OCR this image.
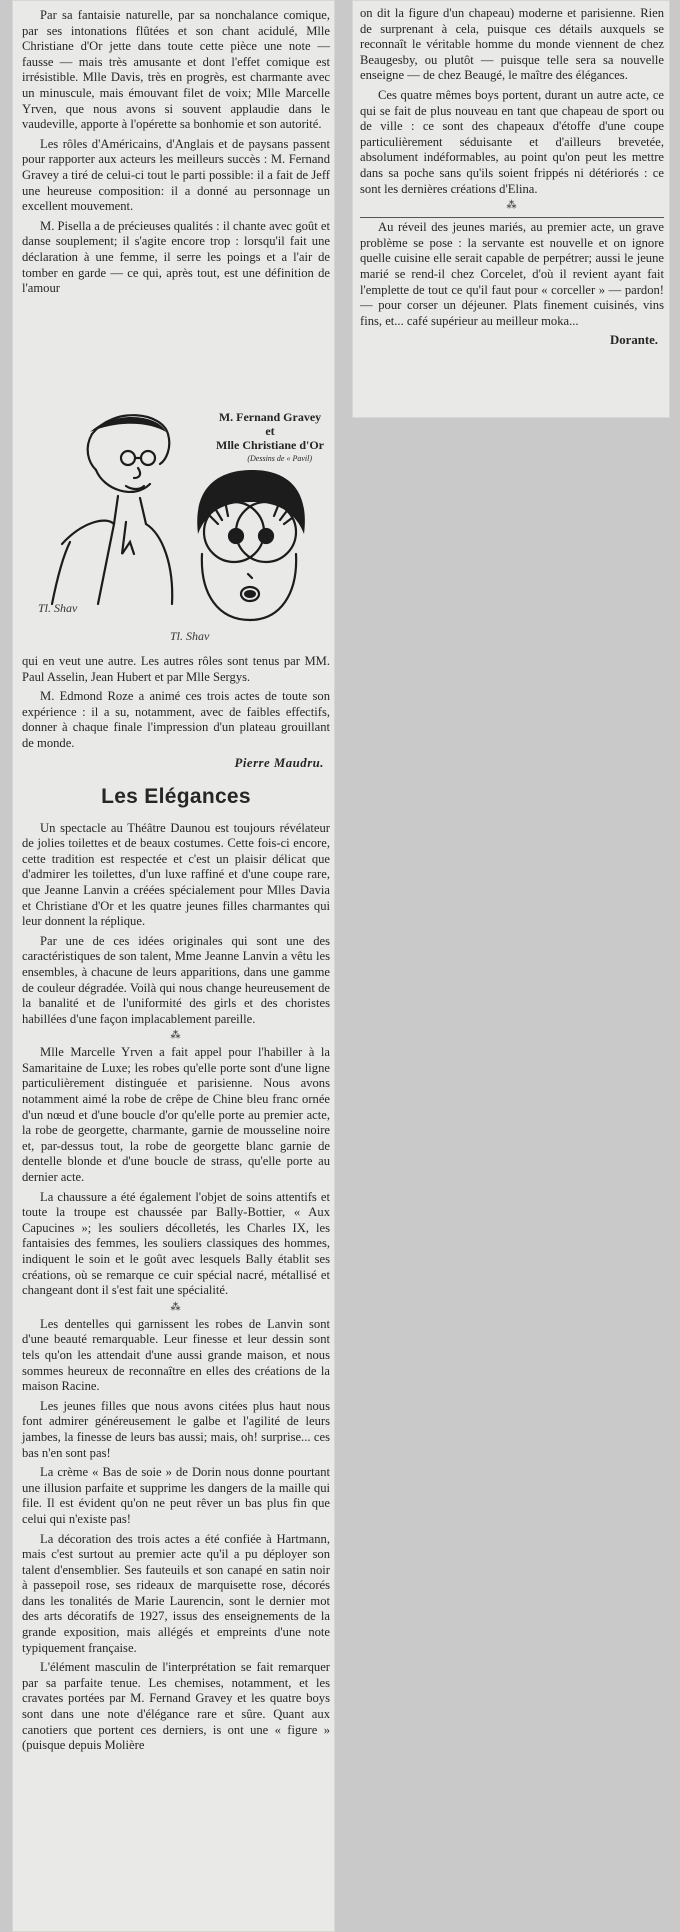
Par sa fantaisie naturelle, par sa nonchalance comique, par ses intonations flûtées et son chant acidulé, Mlle Christiane d'Or jette dans toute cette pièce une note — fausse — mais très amusante et dont l'effet comique est irrésistible. Mlle Davis, très en progrès, est charmante avec un minuscule, mais émouvant filet de voix; Mlle Marcelle Yrven, que nous avons si souvent applaudie dans le vaudeville, apporte à l'opérette sa bonhomie et son autorité.

Les rôles d'Américains, d'Anglais et de paysans passent pour rapporter aux acteurs les meilleurs succès : M. Fernand Gravey a tiré de celui-ci tout le parti possible: il a fait de Jeff une heureuse composition: il a donné au personnage un excellent mouvement.

M. Pisella a de précieuses qualités : il chante avec goût et danse souplement; il s'agite encore trop : lorsqu'il fait une déclaration à une femme, il serre les poings et a l'air de tomber en garde — ce qui, après tout, est une définition de l'amour

Tl. Shav
Tl. Shav
M. Fernand Gravey
et
Mlle Christiane d'Or
(Dessins de « Pavil)

qui en veut une autre. Les autres rôles sont tenus par MM. Paul Asselin, Jean Hubert et par Mlle Sergys.

M. Edmond Roze a animé ces trois actes de toute son expérience : il a su, notamment, avec de faibles effectifs, donner à chaque finale l'impression d'un plateau grouillant de monde.

Pierre Maudru.
Les Elégances

Un spectacle au Théâtre Daunou est toujours révélateur de jolies toilettes et de beaux costumes. Cette fois-ci encore, cette tradition est respectée et c'est un plaisir délicat que d'admirer les toilettes, d'un luxe raffiné et d'une coupe rare, que Jeanne Lanvin a créées spécialement pour Mlles Davia et Christiane d'Or et les quatre jeunes filles charmantes qui leur donnent la réplique.

Par une de ces idées originales qui sont une des caractéristiques de son talent, Mme Jeanne Lanvin a vêtu les ensembles, à chacune de leurs apparitions, dans une gamme de couleur dégradée. Voilà qui nous change heureusement de la banalité et de l'uniformité des girls et des choristes habillées d'une façon implacablement pareille.

⁂

Mlle Marcelle Yrven a fait appel pour l'habiller à la Samaritaine de Luxe; les robes qu'elle porte sont d'une ligne particulièrement distinguée et parisienne. Nous avons notamment aimé la robe de crêpe de Chine bleu franc ornée d'un nœud et d'une boucle d'or qu'elle porte au premier acte, la robe de georgette, charmante, garnie de mousseline noire et, par-dessus tout, la robe de georgette blanc garnie de dentelle blonde et d'une boucle de strass, qu'elle porte au dernier acte.

La chaussure a été également l'objet de soins attentifs et toute la troupe est chaussée par Bally-Bottier, « Aux Capucines »; les souliers décolletés, les Charles IX, les fantaisies des femmes, les souliers classiques des hommes, indiquent le soin et le goût avec lesquels Bally établit ses créations, où se remarque ce cuir spécial nacré, métallisé et changeant dont il s'est fait une spécialité.

⁂

Les dentelles qui garnissent les robes de Lanvin sont d'une beauté remarquable. Leur finesse et leur dessin sont tels qu'on les attendait d'une aussi grande maison, et nous sommes heureux de reconnaître en elles des créations de la maison Racine.

Les jeunes filles que nous avons citées plus haut nous font admirer généreusement le galbe et l'agilité de leurs jambes, la finesse de leurs bas aussi; mais, oh! surprise... ces bas n'en sont pas!

La crème « Bas de soie » de Dorin nous donne pourtant une illusion parfaite et supprime les dangers de la maille qui file. Il est évident qu'on ne peut rêver un bas plus fin que celui qui n'existe pas!

La décoration des trois actes a été confiée à Hartmann, mais c'est surtout au premier acte qu'il a pu déployer son talent d'ensemblier. Ses fauteuils et son canapé en satin noir à passepoil rose, ses rideaux de marquisette rose, décorés dans les tonalités de Marie Laurencin, sont le dernier mot des arts décoratifs de 1927, issus des enseignements de la grande exposition, mais allégés et empreints d'une note typiquement française.

L'élément masculin de l'interprétation se fait remarquer par sa parfaite tenue. Les chemises, notamment, et les cravates portées par M. Fernand Gravey et les quatre boys sont dans une note d'élégance rare et sûre. Quant aux canotiers que portent ces derniers, is ont une « figure » (puisque depuis Molière

on dit la figure d'un chapeau) moderne et parisienne. Rien de surprenant à cela, puisque ces détails auxquels se reconnaît le véritable homme du monde viennent de chez Beaugesby, ou plutôt — puisque telle sera sa nouvelle enseigne — de chez Beaugé, le maître des élégances.

Ces quatre mêmes boys portent, durant un autre acte, ce qui se fait de plus nouveau en tant que chapeau de sport ou de ville : ce sont des chapeaux d'étoffe d'une coupe particulièrement séduisante et d'ailleurs brevetée, absolument indéformables, au point qu'on peut les mettre dans sa poche sans qu'ils soient frippés ni détériorés : ce sont les dernières créations d'Elina.

⁂

Au réveil des jeunes mariés, au premier acte, un grave problème se pose : la servante est nouvelle et on ignore quelle cuisine elle serait capable de perpétrer; aussi le jeune marié se rend-il chez Corcelet, d'où il revient ayant fait l'emplette de tout ce qu'il faut pour « corceller » — pardon! — pour corser un déjeuner. Plats finement cuisinés, vins fins, et... café supérieur au meilleur moka...

Dorante.
